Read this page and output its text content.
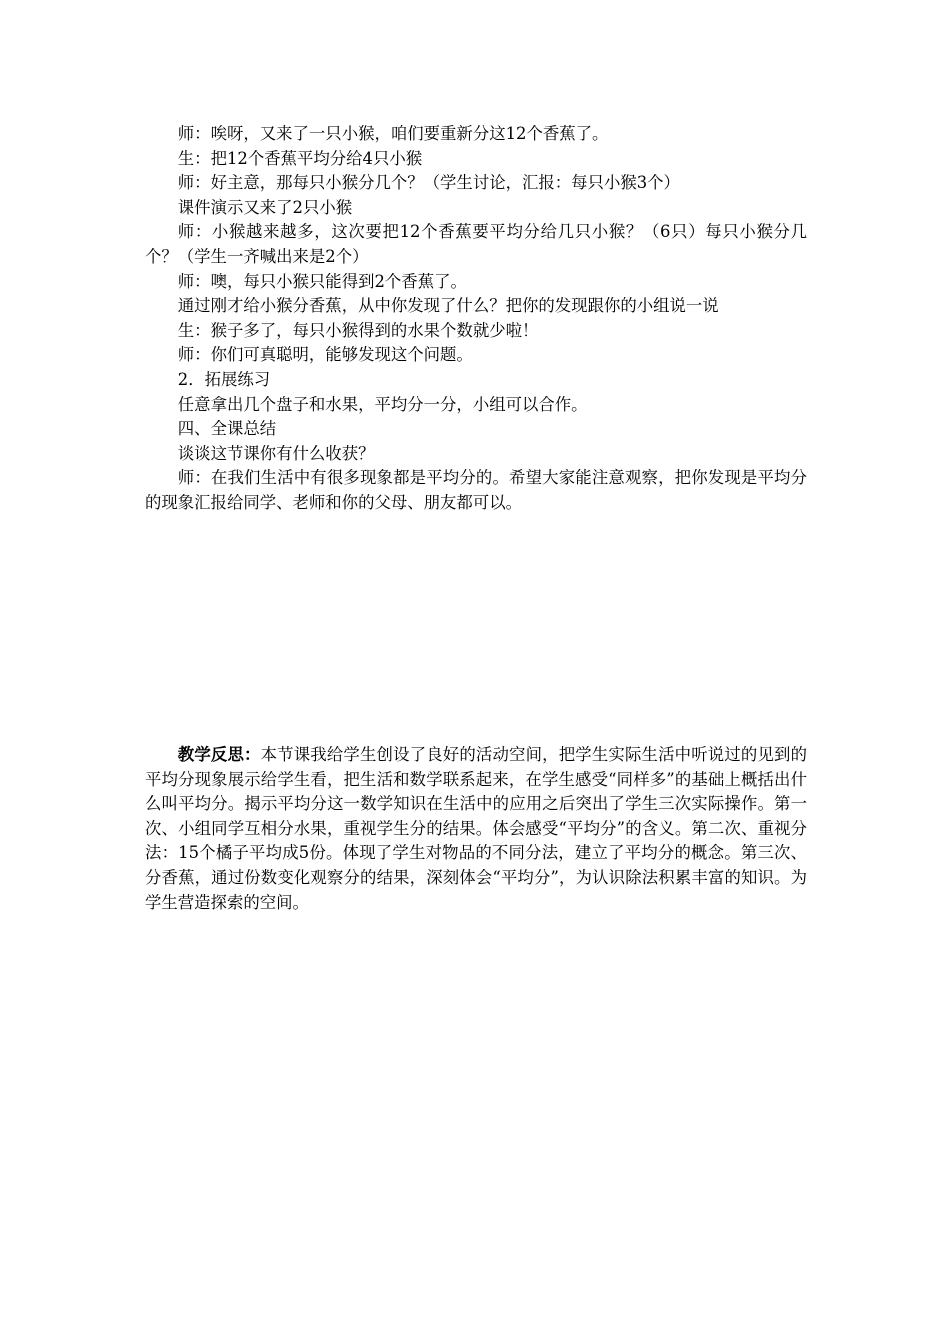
师：唉呀，又来了一只小猴，咱们要重新分这12个香蕉了。

生：把12个香蕉平均分给4只小猴

师：好主意，那每只小猴分几个？（学生讨论，汇报：每只小猴3个）

课件演示又来了2只小猴

师：小猴越来越多，这次要把12个香蕉要平均分给几只小猴？（6只）每只小猴分几个？（学生一齐喊出来是2个）

师：噢，每只小猴只能得到2个香蕉了。

通过刚才给小猴分香蕉，从中你发现了什么？把你的发现跟你的小组说一说

生：猴子多了，每只小猴得到的水果个数就少啦！

师：你们可真聪明，能够发现这个问题。

2．拓展练习

任意拿出几个盘子和水果，平均分一分，小组可以合作。

四、全课总结

谈谈这节课你有什么收获？

师：在我们生活中有很多现象都是平均分的。希望大家能注意观察，把你发现是平均分的现象汇报给同学、老师和你的父母、朋友都可以。

教学反思：本节课我给学生创设了良好的活动空间，把学生实际生活中听说过的见到的平均分现象展示给学生看，把生活和数学联系起来，在学生感受“同样多”的基础上概括出什么叫平均分。揭示平均分这一数学知识在生活中的应用之后突出了学生三次实际操作。第一次、小组同学互相分水果，重视学生分的结果。体会感受“平均分”的含义。第二次、重视分法：15个橘子平均成5份。体现了学生对物品的不同分法，建立了平均分的概念。第三次、分香蕉，通过份数变化观察分的结果，深刻体会“平均分”，为认识除法积累丰富的知识。为学生营造探索的空间。
